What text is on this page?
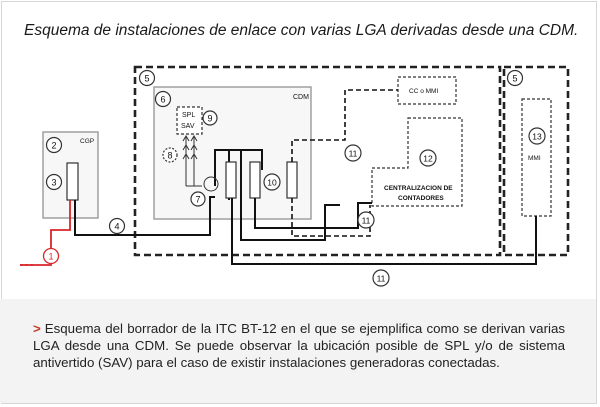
Esquema de instalaciones de enlace con varias LGA derivadas desde una CDM.
CGP
CDM
SPL
SAV
CC o MMI
CENTRALIZACION DE
CONTADORES
MMI
1
2
3
4
5	5
6
7
8
9
10
11
11
11
12
13
> Esquema del borrador de la ITC BT-12 en el que se ejemplifica como se derivan varias LGA desde una CDM. Se puede observar la ubicación posible de SPL y/o de sistema antivertido (SAV) para el caso de existir instalaciones generadoras conectadas.
